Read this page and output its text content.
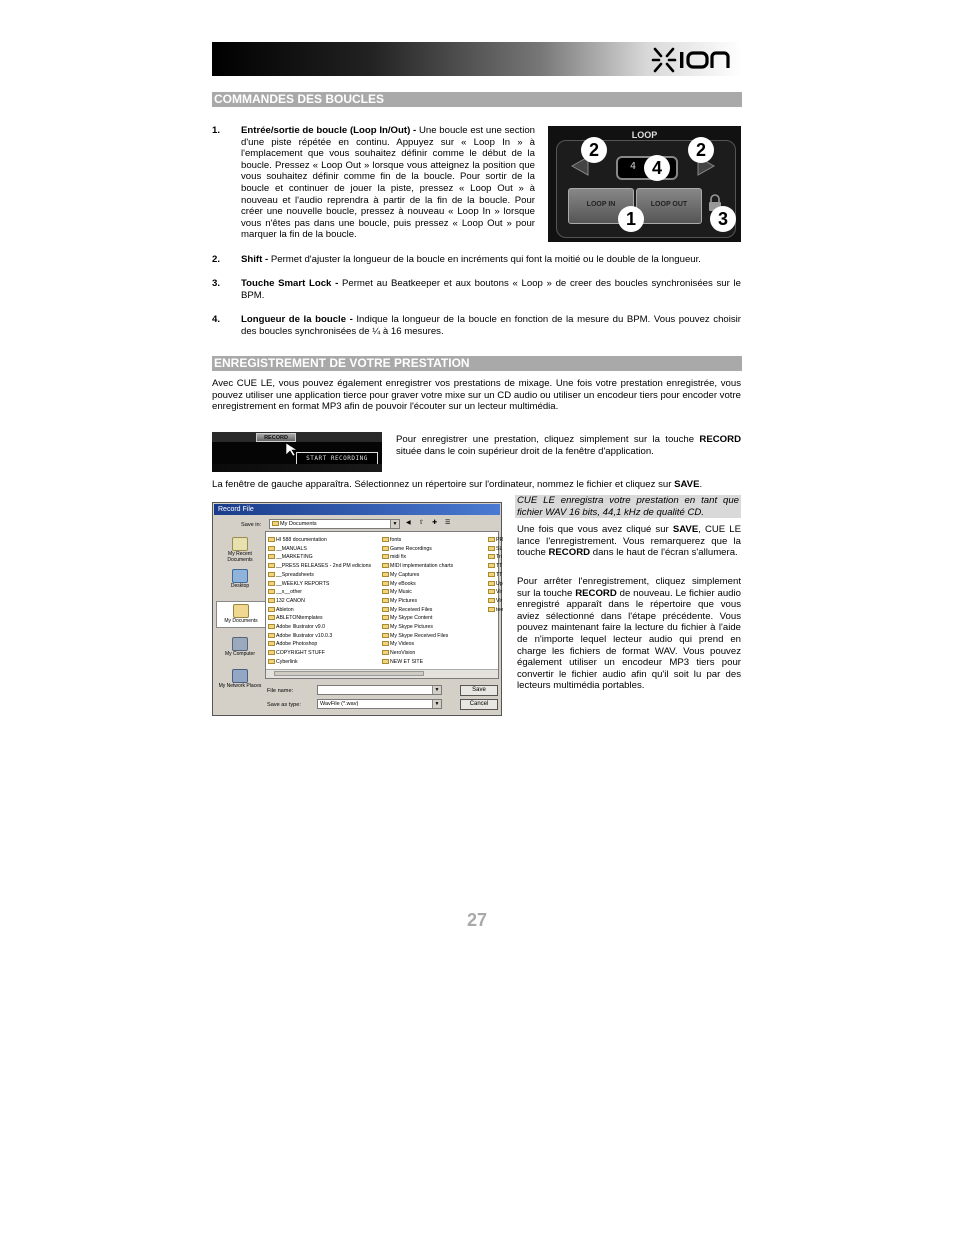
COMMANDES DES BOUCLES
1. Entrée/sortie de boucle (Loop In/Out) - Une boucle est une section d'une piste répétée en continu. Appuyez sur « Loop In » à l'emplacement que vous souhaitez définir comme le début de la boucle. Pressez « Loop Out » lorsque vous atteignez la position que vous souhaitez définir comme fin de la boucle. Pour sortir de la boucle et continuer de jouer la piste, pressez « Loop Out » à nouveau et l'audio reprendra à partir de la fin de la boucle. Pour créer une nouvelle boucle, pressez à nouveau « Loop In » lorsque vous n'êtes pas dans une boucle, puis pressez « Loop Out » pour marquer la fin de la boucle.
LOOP
4
LOOP IN	LOOP OUT
2
4
2
1	3
2. Shift - Permet d'ajuster la longueur de la boucle en incréments qui font la moitié ou le double de la longueur.
3. Touche Smart Lock - Permet au Beatkeeper et aux boutons « Loop » de creer des boucles synchronisées sur le BPM.
4. Longueur de la boucle - Indique la longueur de la boucle en fonction de la mesure du BPM. Vous pouvez choisir des boucles synchronisées de ¼ à 16 mesures.
ENREGISTREMENT DE VOTRE PRESTATION
Avec CUE LE, vous pouvez également enregistrer vos prestations de mixage. Une fois votre prestation enregistrée, vous pouvez utiliser une application tierce pour graver votre mixe sur un CD audio ou utiliser un encodeur tiers pour encoder votre enregistrement en format MP3 afin de pouvoir l'écouter sur un lecteur multimédia.
RECORD
START RECORDING
Pour enregistrer une prestation, cliquez simplement sur la touche RECORD située dans le coin supérieur droit de la fenêtre d'application.
La fenêtre de gauche apparaîtra. Sélectionnez un répertoire sur l'ordinateur, nommez le fichier et cliquez sur SAVE.
Record File
Save in:	My Documents	▼ ◀	⇧	✚	☰
My Recent Documents
Desktop
My Documents
My Computer
My Network Places
HI 588 documentation
__MANUALS
__MARKETING
__PRESS RELEASES - 2nd PM edicions
__Spreadsheets
__WEEKLY REPORTS
__x__other
132 CANON
Ableton
ABLETONtemplates
Adobe Illustrator v9.0
Adobe Illustrator v10.0.3
Adobe Photoshop
COPYRIGHT STUFF
Cyberlink
fonts
Game Recordings
midi fix
MIDI implementation charts
My Captures
My eBooks
My Music
My Pictures
My Received Files
My Skype Content
My Skype Pictures
My Skype Received Files
My Videos
NeroVision
NEW ET SITE
PR
SL
Tri
TT
TT
Up
Vir
Vir
tee
File name:	▼
Save as type:	WavFile (*.wav)	▼
Save
Cancel
CUE LE enregistra votre prestation en tant que fichier WAV 16 bits, 44,1 kHz de qualité CD.
Une fois que vous avez cliqué sur SAVE, CUE LE lance l'enregistrement. Vous remarquerez que la touche RECORD dans le haut de l'écran s'allumera.
Pour arrêter l'enregistrement, cliquez simplement sur la touche RECORD de nouveau. Le fichier audio enregistré apparaît dans le répertoire que vous aviez sélectionné dans l'étape précédente. Vous pouvez maintenant faire la lecture du fichier à l'aide de n'importe lequel lecteur audio qui prend en charge les fichiers de format WAV. Vous pouvez également utiliser un encodeur MP3 tiers pour convertir le fichier audio afin qu'il soit lu par des lecteurs multimédia portables.
27
